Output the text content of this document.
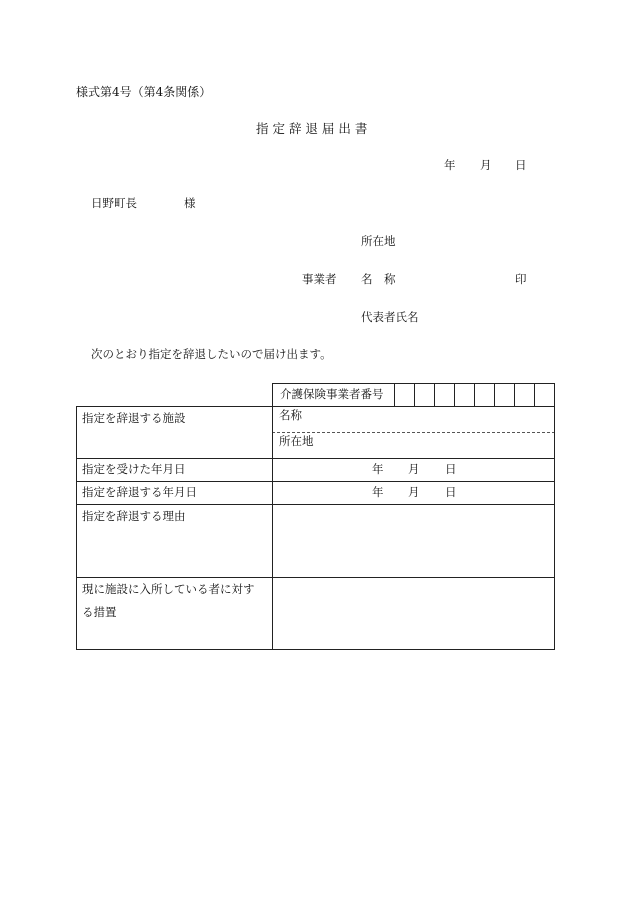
様式第4号（第4条関係）
指 定 辞 退 届 出 書
年 月 日
日野町長	様
所在地
事業者 名　称	印
代表者氏名
次のとおり指定を辞退したいので届け出ます。
介護保険事業者番号
指定を辞退する施設	名称
所在地
指定を受けた年月日	年 月 日
指定を辞退する年月日	年 月 日
指定を辞退する理由
現に施設に入所している者に対す
る措置
